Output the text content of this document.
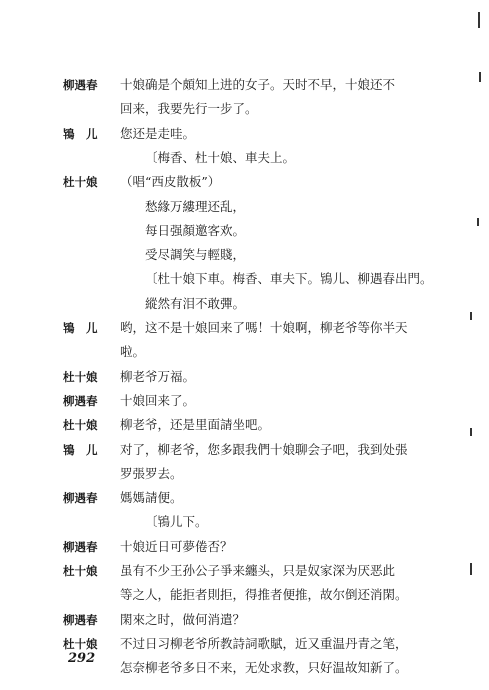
柳遇春	十娘确是个頗知上进的女子。天时不早，十娘还不
回来，我要先行一步了。
鴇　儿	您还是走哇。
〔梅香、杜十娘、車夫上。
杜十娘	（唱“西皮散板”）
愁緣万縷理还乱，
每日强顏邀客欢。
受尽調笑与輕賤，
〔杜十娘下車。梅香、車夫下。鴇儿、柳遇春出門。
縱然有泪不敢彈。
鴇　儿	哟，这不是十娘回来了嗎！十娘啊，柳老爷等你半天
啦。
杜十娘	柳老爷万福。
柳遇春	十娘回来了。
杜十娘	柳老爷，还是里面請坐吧。
鴇　儿	对了，柳老爷，您多跟我們十娘聊会子吧，我到处張
罗張罗去。
柳遇春	媽媽請便。
〔鴇儿下。
柳遇春	十娘近日可夢倦否？
杜十娘	虽有不少王孙公子爭来纏头，只是奴家深为厌恶此
等之人，能拒者則拒，得推者便推，故尔倒还消閑。
柳遇春	閑來之时，做何消遣？
杜十娘	不过日习柳老爷所教詩詞歌賦，近又重温丹青之笔，
怎奈柳老爷多日不来，无处求教，只好温故知新了。
292
